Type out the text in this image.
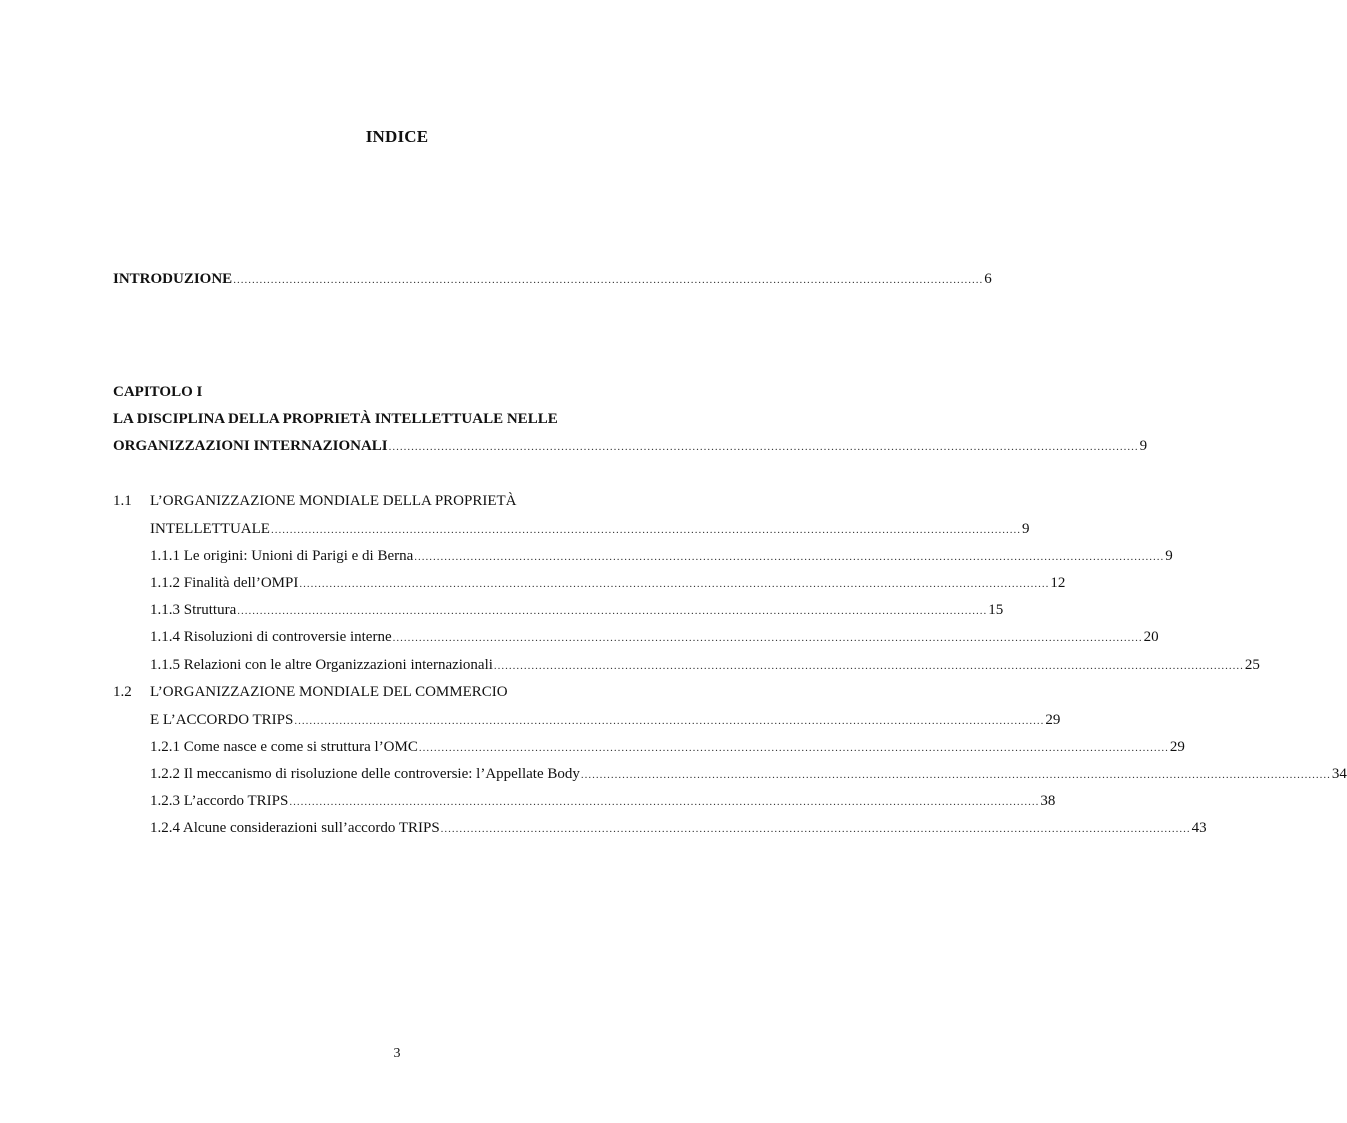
INDICE
INTRODUZIONE ........................................................................................................................................................................................................ 6
CAPITOLO I
LA DISCIPLINA DELLA PROPRIETÀ INTELLETTUALE NELLE
ORGANIZZAZIONI INTERNAZIONALI ........................................................................................................................................................................................................ 9
1.1 L’ORGANIZZAZIONE MONDIALE DELLA PROPRIETÀ
INTELLETTUALE ........................................................................................................................................................................................................ 9
1.1.1 Le origini: Unioni di Parigi e di Berna ........................................................................................................................................................................................................ 9
1.1.2 Finalità dell’OMPI ........................................................................................................................................................................................................ 12
1.1.3 Struttura ........................................................................................................................................................................................................ 15
1.1.4 Risoluzioni di controversie interne ........................................................................................................................................................................................................ 20
1.1.5 Relazioni con le altre Organizzazioni internazionali ........................................................................................................................................................................................................ 25
1.2 L’ORGANIZZAZIONE MONDIALE DEL COMMERCIO
E L’ACCORDO TRIPS ........................................................................................................................................................................................................ 29
1.2.1 Come nasce e come si struttura l’OMC ........................................................................................................................................................................................................ 29
1.2.2 Il meccanismo di risoluzione delle controversie: l’Appellate Body ........................................................................................................................................................................................................ 34
1.2.3 L’accordo TRIPS ........................................................................................................................................................................................................ 38
1.2.4 Alcune considerazioni sull’accordo TRIPS ........................................................................................................................................................................................................ 43
3
